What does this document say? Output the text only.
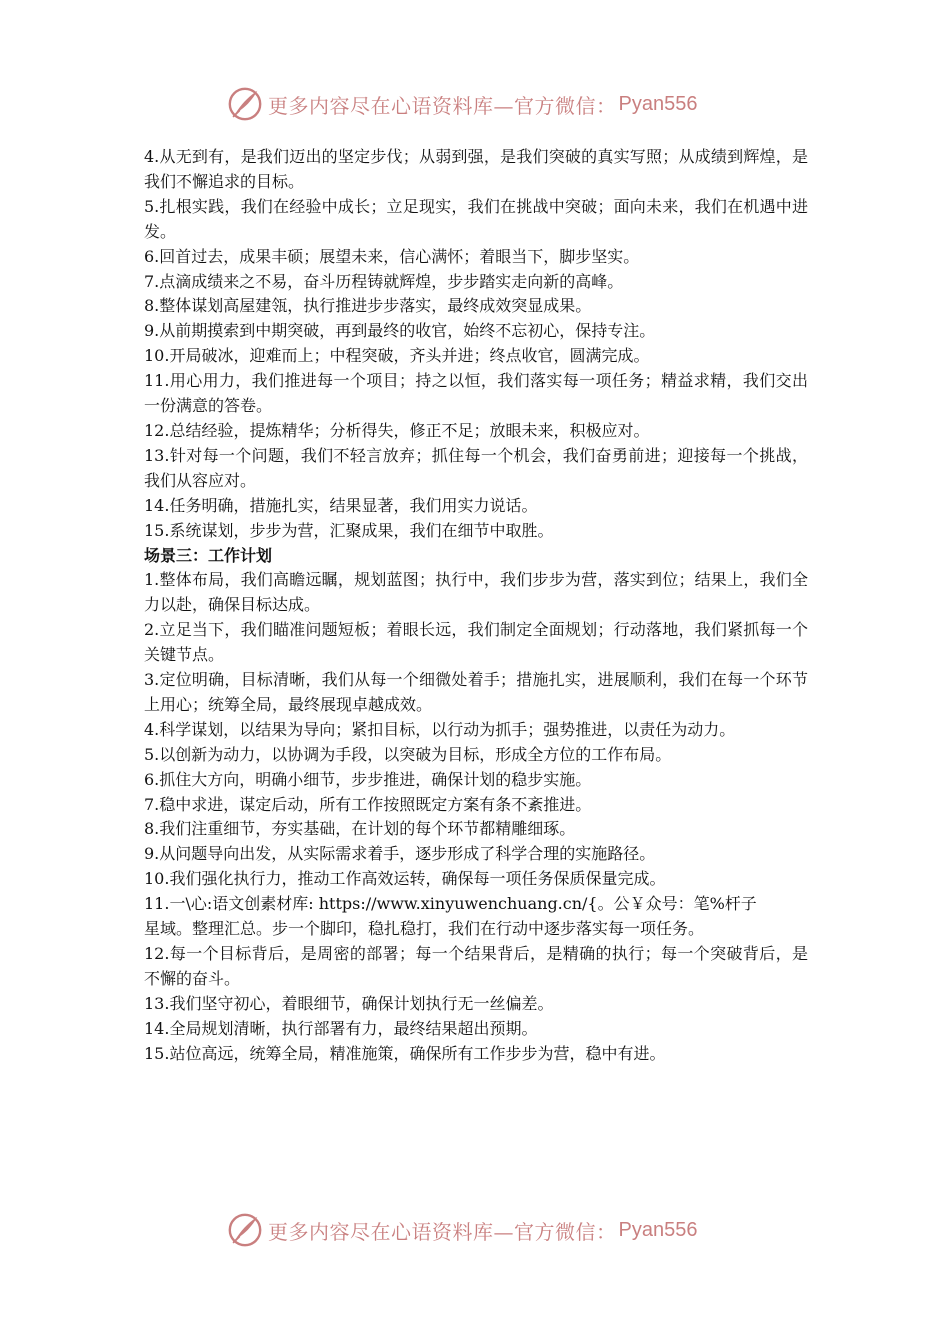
更多内容尽在心语资料库—官方微信： Pyan556

4.从无到有，是我们迈出的坚定步伐；从弱到强，是我们突破的真实写照；从成绩到辉煌，是我们不懈追求的目标。

5.扎根实践，我们在经验中成长；立足现实，我们在挑战中突破；面向未来，我们在机遇中进发。

6.回首过去，成果丰硕；展望未来，信心满怀；着眼当下，脚步坚实。

7.点滴成绩来之不易，奋斗历程铸就辉煌，步步踏实走向新的高峰。

8.整体谋划高屋建瓴，执行推进步步落实，最终成效突显成果。

9.从前期摸索到中期突破，再到最终的收官，始终不忘初心，保持专注。

10.开局破冰，迎难而上；中程突破，齐头并进；终点收官，圆满完成。

11.用心用力，我们推进每一个项目；持之以恒，我们落实每一项任务；精益求精，我们交出一份满意的答卷。

12.总结经验，提炼精华；分析得失，修正不足；放眼未来，积极应对。

13.针对每一个问题，我们不轻言放弃；抓住每一个机会，我们奋勇前进；迎接每一个挑战，我们从容应对。

14.任务明确，措施扎实，结果显著，我们用实力说话。

15.系统谋划，步步为营，汇聚成果，我们在细节中取胜。

场景三：工作计划

1.整体布局，我们高瞻远瞩，规划蓝图；执行中，我们步步为营，落实到位；结果上，我们全力以赴，确保目标达成。

2.立足当下，我们瞄准问题短板；着眼长远，我们制定全面规划；行动落地，我们紧抓每一个关键节点。

3.定位明确，目标清晰，我们从每一个细微处着手；措施扎实，进展顺利，我们在每一个环节上用心；统筹全局，最终展现卓越成效。

4.科学谋划，以结果为导向；紧扣目标，以行动为抓手；强势推进，以责任为动力。

5.以创新为动力，以协调为手段，以突破为目标，形成全方位的工作布局。

6.抓住大方向，明确小细节，步步推进，确保计划的稳步实施。

7.稳中求进，谋定后动，所有工作按照既定方案有条不紊推进。

8.我们注重细节，夯实基础，在计划的每个环节都精雕细琢。

9.从问题导向出发，从实际需求着手，逐步形成了科学合理的实施路径。

10.我们强化执行力，推动工作高效运转，确保每一项任务保质保量完成。

11.一\心:语文创素材库: https://www.xinyuwenchuang.cn/{。公￥众号：笔%杆子
星域。整理汇总。步一个脚印，稳扎稳打，我们在行动中逐步落实每一项任务。

12.每一个目标背后，是周密的部署；每一个结果背后，是精确的执行；每一个突破背后，是不懈的奋斗。

13.我们坚守初心，着眼细节，确保计划执行无一丝偏差。

14.全局规划清晰，执行部署有力，最终结果超出预期。

15.站位高远，统筹全局，精准施策，确保所有工作步步为营，稳中有进。

更多内容尽在心语资料库—官方微信： Pyan556
